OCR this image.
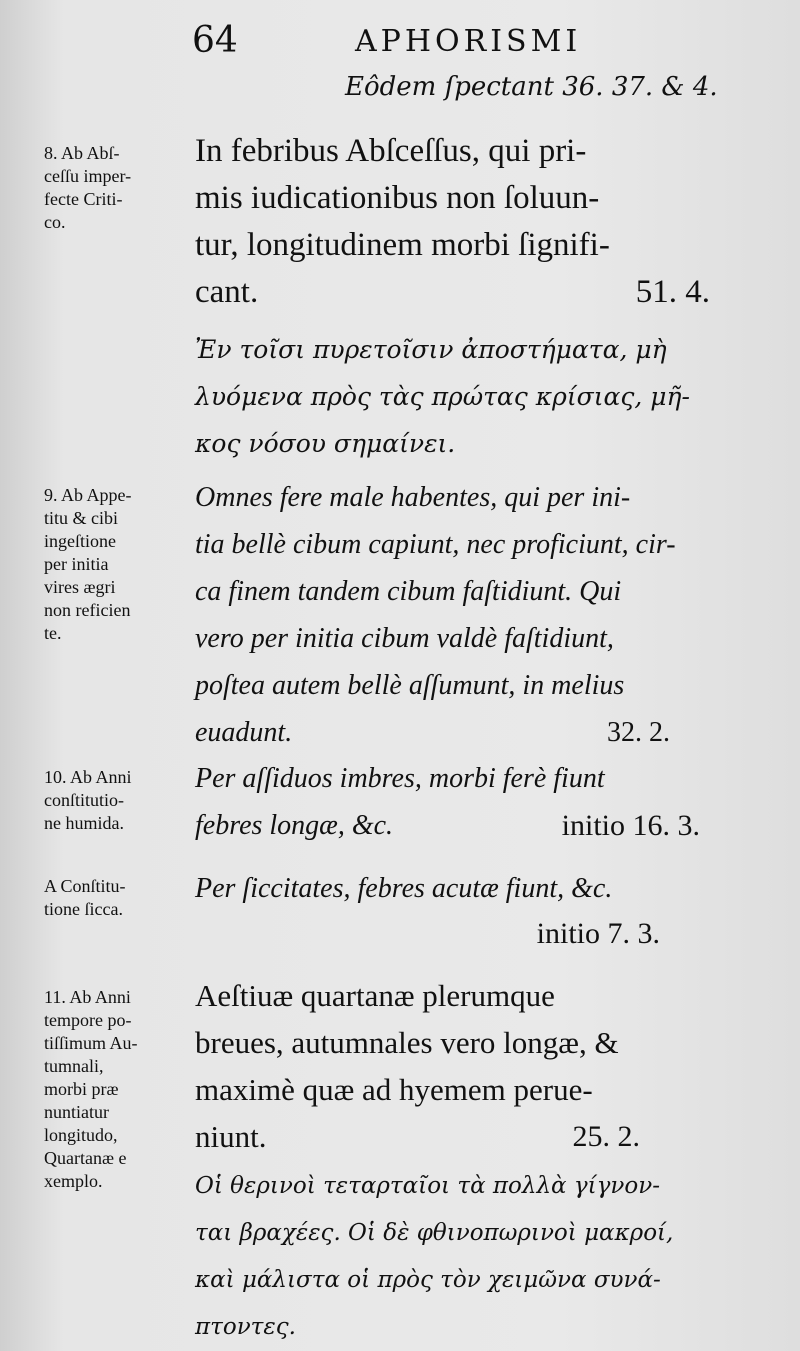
64	APHORISMI
Eôdem ſpectant 36. 37. & 4.
8. Ab Abſ-
ceſſu imper-
fecte Criti-
co.
In febribus Abſceſſus, qui pri-
mis iudicationibus non ſoluun-
tur, longitudinem morbi ſignifi-
cant.	51. 4.
Ἐν τοῖσι πυρετοῖσιν ἀποστήματα, μὴ
λυόμενα πρὸς τὰς πρώτας κρίσιας, μῆ-
κος νόσου σημαίνει.
9. Ab Appe-
titu & cibi
ingeſtione
per initia
vires ægri
non reficien
te.
Omnes fere male habentes, qui per ini-
tia bellè cibum capiunt, nec proficiunt, cir-
ca finem tandem cibum faſtidiunt. Qui
vero per initia cibum valdè faſtidiunt,
poſtea autem bellè aſſumunt, in melius
euadunt.	32. 2.
10. Ab Anni
conſtitutio-
ne humida.
Per aſſiduos imbres, morbi ferè fiunt
febres longæ, &c.	initio 16. 3.
A Conſtitu-
tione ſicca.
Per ſiccitates, febres acutæ fiunt, &c.
initio 7. 3.
11. Ab Anni
tempore po-
tiſſimum Au-
tumnali,
morbi præ
nuntiatur
longitudo,
Quartanæ e
xemplo.
Aeſtiuæ quartanæ plerumque
breues, autumnales vero longæ, &
maximè quæ ad hyemem perue-
niunt.	25. 2.
Οἱ θερινοὶ τεταρταῖοι τὰ πολλὰ γίγνον-
ται βραχέες. Οἱ δὲ φθινοπωρινοὶ μακροί,
καὶ μάλιστα οἱ πρὸς τὸν χειμῶνα συνά-
πτοντες.
